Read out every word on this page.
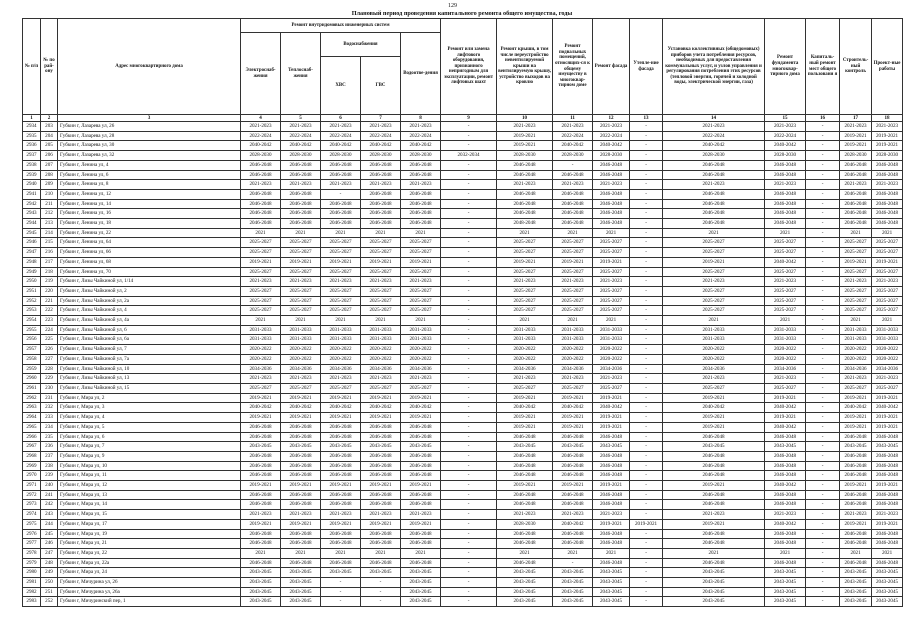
129
Плановый период проведения капитального ремонта общего имущества, годы
№ п/п	№ по рай-ону	Адрес многоквартирного дома	Ремонт внутридомовых инженерных систем					Ремонт или замена лифтового оборудования, признанного непригодным для эксплуатации, ремонт лифтовых шахт	Ремонт крыши, в том числе переустройство невентилируемой крыши на вентилируемую крышу, устройство выходов на кровлю	Ремонт подвальных помещений, относящих-ся к общему имуществу в многоквар-тирном доме	Ремонт фасада	Утепле-ние фасада	Установка коллективных (общедомовых) приборов учета потребления ресурсов, необходимых для предоставления коммунальных услуг, и узлов управления и регулирования потребления этих ресурсов (тепловой энергии, горячей и холодной воды, электрической энергии, газа)	Ремонт фундамента многоквар-тирного дома	Капиталь-ный ремонт мест общего пользовани я	Строитель-ный контроль	Проект-ные работы
			Электроснаб-жения	Теплоснаб-жения	Водоснабжения		Водоотве-дения										
					ХВС	ГВС											
1	2	3	4	5	6	7	8	9	10	11	12	13	14	15	16	17	18
2934	203	Губкин г, Лазарева ул, 26	2021-2023	2021-2023	2021-2023	2021-2023	2021-2023	-	2021-2023	2021-2023	2021-2023	-	2021-2023	2021-2023	-	2021-2023	2021-2023
2935	204	Губкин г, Лазарева ул, 28	2022-2024	2022-2024	2022-2024	2022-2024	2022-2024	-	2019-2021	2022-2024	2022-2024	-	2022-2024	2022-2024	-	2019-2021	2019-2021
2936	205	Губкин г, Лазарева ул, 30	2040-2042	2040-2042	2040-2042	2040-2042	2040-2042	-	2019-2021	2040-2042	2040-2042	-	2040-2042	2040-2042	-	2019-2021	2019-2021
2937	206	Губкин г, Лазарева ул, 32	2028-2030	2028-2030	2028-2030	2028-2030	2028-2030	2032-2034	2028-2030	2028-2030	2028-2030	-	2028-2030	2028-2030	-	2028-2030	2028-2030
2938	207	Губкин г, Ленина ул, 4	2046-2048	2046-2048	2046-2048	2046-2048	2046-2048	-	2046-2048	-	2046-2048	-	2046-2048	2046-2048	-	2046-2048	2046-2048
2939	208	Губкин г, Ленина ул, 6	2046-2048	2046-2048	2046-2048	2046-2048	2046-2048	-	2046-2048	2046-2048	2046-2048	-	2046-2048	2046-2048	-	2046-2048	2046-2048
2940	209	Губкин г, Ленина ул, 8	2021-2023	2021-2023	2021-2023	2021-2023	2021-2023	-	2021-2023	2021-2023	2021-2023	-	2021-2023	2021-2023	-	2021-2023	2021-2023
2941	210	Губкин г, Ленина ул, 12	2046-2048	2046-2048	-	2046-2048	2046-2048	-	2046-2048	2046-2048	2046-2048	-	2046-2048	2046-2048	-	2046-2048	2046-2048
2942	211	Губкин г, Ленина ул, 14	2046-2048	2046-2048	2046-2048	2046-2048	2046-2048	-	2046-2048	2046-2048	2046-2048	-	2046-2048	2046-2048	-	2046-2048	2046-2048
2943	212	Губкин г, Ленина ул, 16	2046-2048	2046-2048	2046-2048	2046-2048	2046-2048	-	2046-2048	2046-2048	2046-2048	-	2046-2048	2046-2048	-	2046-2048	2046-2048
2944	213	Губкин г, Ленина ул, 18	2046-2048	2046-2048	2046-2048	2046-2048	2046-2048	-	2048-2048	2046-2048	2046-2048	-	2046-2048	2046-2048	-	2046-2048	2046-2048
2945	214	Губкин г, Ленина ул, 22	2021	2021	2021	2021	2021	-	2021	2021	2021	-	2021	2021	-	2021	2021
2946	215	Губкин г, Ленина ул, 64	2025-2027	2025-2027	2025-2027	2025-2027	2025-2027	-	2025-2027	2025-2027	2025-2027	-	2025-2027	2025-2027	-	2025-2027	2025-2027
2947	216	Губкин г, Ленина ул, 66	2025-2027	2025-2027	2025-2027	2025-2027	2025-2027	-	2025-2027	2025-2027	2025-2027	-	2025-2027	2025-2027	-	2025-2027	2025-2027
2948	217	Губкин г, Ленина ул, 68	2019-2021	2019-2021	2019-2021	2019-2021	2019-2021	-	2019-2021	2019-2021	2019-2021	-	2019-2021	2040-2042	-	2019-2021	2019-2021
2949	218	Губкин г, Ленина ул, 70	2025-2027	2025-2027	2025-2027	2025-2027	2025-2027	-	2025-2027	2025-2027	2025-2027	-	2025-2027	2025-2027	-	2025-2027	2025-2027
2950	219	Губкин г, Лизы Чайкиной ул, 1/14	2021-2023	2021-2023	2021-2023	2021-2023	2021-2023	-	2021-2023	2021-2023	2021-2023	-	2021-2023	2021-2023	-	2021-2023	2021-2023
2951	220	Губкин г, Лизы Чайкиной ул, 2	2025-2027	2025-2027	2025-2027	2025-2027	2025-2027	-	2025-2027	2025-2027	2025-2027	-	2025-2027	2025-2027	-	2025-2027	2025-2027
2952	221	Губкин г, Лизы Чайкиной ул, 2а	2025-2027	2025-2027	2025-2027	2025-2027	2025-2027	-	2025-2027	2025-2027	2025-2027	-	2025-2027	2025-2027	-	2025-2027	2025-2027
2953	222	Губкин г, Лизы Чайкиной ул, 4	2025-2027	2025-2027	2025-2027	2025-2027	2025-2027	-	2025-2027	2025-2027	2025-2027	-	2025-2027	2025-2027	-	2025-2027	2025-2027
2954	223	Губкин г, Лизы Чайкиной ул, 4а	2021	2021	2021	2021	2021	-	2021	2021	2021	-	2021	2021	-	2021	2021
2955	224	Губкин г, Лизы Чайкиной ул, 6	2031-2033	2031-2033	2031-2033	2031-2033	2031-2033	-	2031-2033	2031-2033	2031-2033	-	2031-2033	2031-2033	-	2031-2033	2031-2033
2956	225	Губкин г, Лизы Чайкиной ул, 6а	2031-2033	2031-2033	2031-2033	2031-2033	2031-2033	-	2031-2033	2031-2033	2031-2033	-	2031-2033	2031-2033	-	2031-2033	2031-2033
2957	226	Губкин г, Лизы Чайкиной ул, 7	2020-2022	2020-2022	2020-2022	2020-2022	2020-2022	-	2020-2022	2020-2022	2020-2022	-	2020-2022	2020-2022	-	2020-2022	2020-2022
2958	227	Губкин г, Лизы Чайкиной ул, 7а	2020-2022	2020-2022	2020-2022	2020-2022	2020-2022	-	2020-2022	2020-2022	2020-2022	-	2020-2022	2020-2022	-	2020-2022	2020-2022
2959	228	Губкин г, Лизы Чайкиной ул, 10	2034-2036	2034-2036	2034-2036	2034-2036	2034-2036	-	2034-2036	2034-2036	2034-2036	-	2034-2036	2034-2036	-	2034-2036	2034-2036
2960	229	Губкин г, Лизы Чайкиной ул, 13	2021-2023	2021-2023	2021-2023	2021-2023	2021-2023	-	2021-2023	2021-2023	2021-2023	-	2021-2023	2021-2023	-	2021-2023	2021-2023
2961	230	Губкин г, Лизы Чайкиной ул, 15	2025-2027	2025-2027	2025-2027	2025-2027	2025-2027	-	2025-2027	2025-2027	2025-2027	-	2025-2027	2025-2027	-	2025-2027	2025-2027
2962	231	Губкин г, Мира ул, 2	2019-2021	2019-2021	2019-2021	2019-2021	2019-2021	-	2019-2021	2019-2021	2019-2021	-	2019-2021	2019-2021	-	2019-2021	2019-2021
2963	232	Губкин г, Мира ул, 3	2040-2042	2040-2042	2040-2042	2040-2042	2040-2042	-	2040-2042	2040-2042	2040-2042	-	2040-2042	2040-2042	-	2040-2042	2040-2042
2964	233	Губкин г, Мира ул, 4	2019-2021	2019-2021	2019-2021	2019-2021	2019-2021	-	2019-2021	2019-2021	2019-2021	-	2019-2021	2019-2021	-	2019-2021	2019-2021
2965	234	Губкин г, Мира ул, 5	2046-2048	2046-2048	2046-2048	2046-2048	2046-2048	-	2019-2021	2019-2021	2019-2021	-	2019-2021	2040-2042	-	2019-2021	2019-2021
2966	235	Губкин г, Мира ул, 6	2046-2048	2046-2048	2046-2048	2046-2048	2046-2048	-	2046-2048	2046-2048	2046-2048	-	2046-2048	2046-2048	-	2046-2048	2046-2048
2967	236	Губкин г, Мира ул, 7	2043-2045	2043-2045	2043-2045	2043-2045	2043-2045	-	2043-2045	2043-2045	2043-2045	-	2043-2045	2043-2045	-	2043-2045	2043-2045
2968	237	Губкин г, Мира ул, 9	2046-2048	2046-2048	2046-2048	2046-2048	2046-2048	-	2046-2048	2046-2048	2046-2048	-	2046-2048	2046-2048	-	2046-2048	2046-2048
2969	238	Губкин г, Мира ул, 10	2046-2048	2046-2048	2046-2048	2046-2048	2046-2048	-	2046-2048	2046-2048	2046-2048	-	2046-2048	2046-2048	-	2046-2048	2046-2048
2970	239	Губкин г, Мира ул, 11	2046-2048	2046-2048	2046-2048	2046-2048	2046-2048	-	2046-2048	2046-2048	2046-2048	-	2046-2048	2046-2048	-	2046-2048	2046-2048
2971	240	Губкин г, Мира ул, 12	2019-2021	2019-2021	2019-2021	2019-2021	2019-2021	-	2019-2021	2019-2021	2019-2021	-	2019-2021	2040-2042	-	2019-2021	2019-2021
2972	241	Губкин г, Мира ул, 13	2046-2048	2046-2048	2046-2048	2046-2048	2046-2048	-	2046-2048	2046-2048	2046-2048	-	2046-2048	2046-2048	-	2046-2048	2046-2048
2973	242	Губкин г, Мира ул, 14	2046-2048	2046-2048	2046-2048	2046-2048	2046-2048	-	2046-2048	2046-2048	2046-2048	-	2046-2048	2046-2048	-	2046-2048	2046-2048
2974	243	Губкин г, Мира ул, 15	2021-2023	2021-2023	2021-2023	2021-2023	2021-2023	-	2021-2023	2021-2023	2021-2023	-	2021-2023	2021-2023	-	2021-2023	2021-2023
2975	244	Губкин г, Мира ул, 17	2019-2021	2019-2021	2019-2021	2019-2021	2019-2021	-	2028-2030	2040-2042	2019-2021	2019-2021	2019-2021	2040-2042	-	2019-2021	2019-2021
2976	245	Губкин г, Мира ул, 19	2046-2048	2046-2048	2046-2048	2046-2048	2046-2048	-	2046-2048	2046-2048	2046-2048	-	2046-2048	2046-2048	-	2046-2048	2046-2048
2977	246	Губкин г, Мира ул, 21	2046-2048	2046-2048	2046-2048	2046-2048	2046-2048	-	2046-2048	2046-2048	2046-2048	-	2046-2048	2046-2048	-	2046-2048	2046-2048
2978	247	Губкин г, Мира ул, 22	2021	2021	2021	2021	2021	-	2021	2021	2021	-	2021	2021	-	2021	2021
2979	248	Губкин г, Мира ул, 22а	2046-2048	2046-2048	2046-2048	2046-2048	2046-2048	-	2046-2048	-	2046-2048	-	2046-2048	2046-2048	-	2046-2048	2046-2048
2980	249	Губкин г, Мира ул, 24	2043-2045	2043-2045	2043-2045	2043-2045	2043-2045	-	2043-2045	2043-2045	2043-2045	-	2043-2045	2043-2045	-	2043-2045	2043-2045
2981	250	Губкин г, Мичурина ул, 26	2043-2045	2043-2045	-	-	2043-2045	-	2043-2045	2043-2045	2043-2045	-	2043-2045	2043-2045	-	2043-2045	2043-2045
2982	251	Губкин г, Мичурина ул, 26а	2043-2045	2043-2045	-	-	2043-2045	-	2043-2045	2043-2045	2043-2045	-	2043-2045	2043-2045	-	2043-2045	2043-2045
2983	252	Губкин г, Мичуринский пер, 1	2043-2045	2043-2045	-	-	2043-2045	-	2043-2045	2043-2045	2043-2045	-	2043-2045	2043-2045	-	2043-2045	2043-2045
